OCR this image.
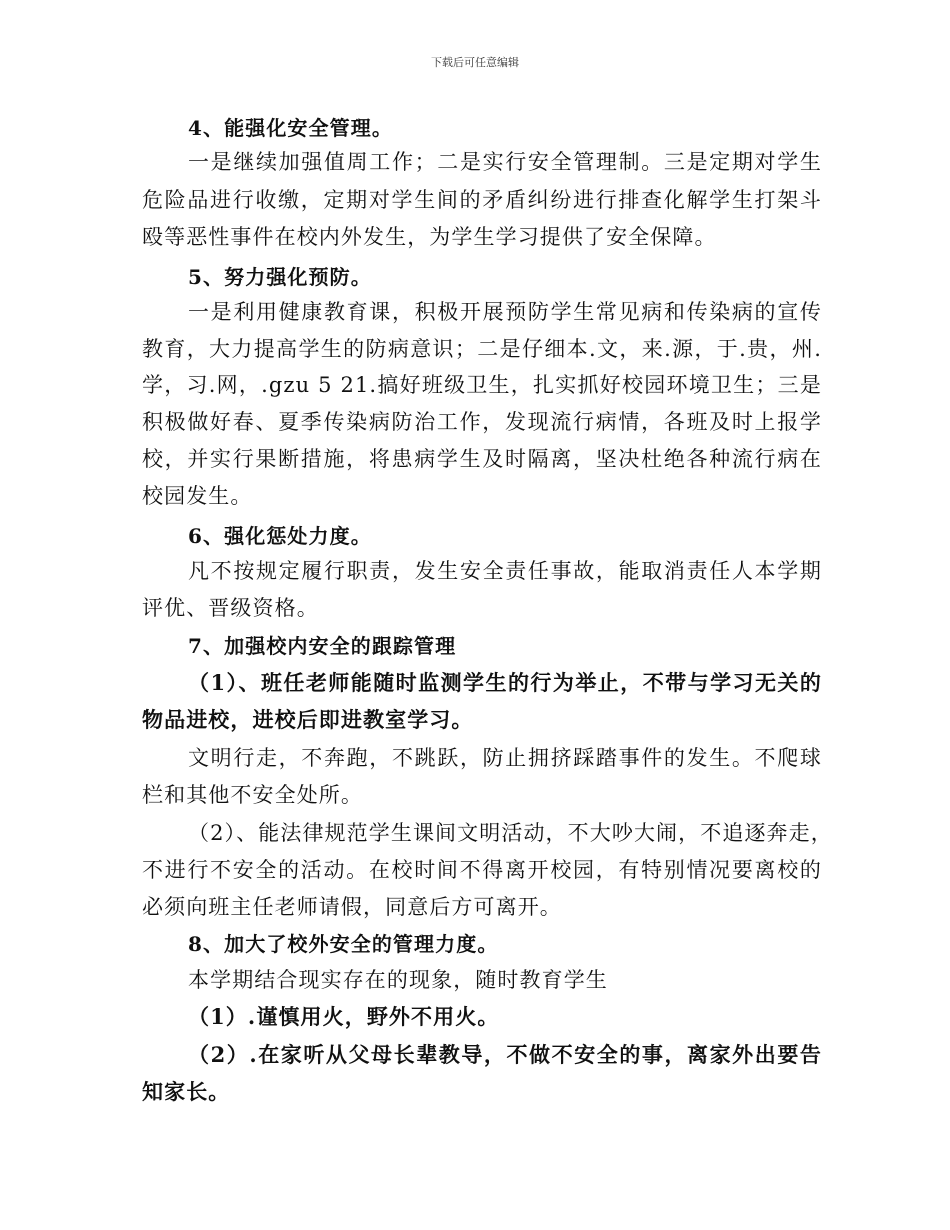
下载后可任意编辑
4、能强化安全管理。
一是继续加强值周工作；二是实行安全管理制。三是定期对学生
危险品进行收缴，定期对学生间的矛盾纠纷进行排查化解学生打架斗
殴等恶性事件在校内外发生，为学生学习提供了安全保障。
5、努力强化预防。
一是利用健康教育课，积极开展预防学生常见病和传染病的宣传
教育，大力提高学生的防病意识；二是仔细本.文，来.源，于.贵，州.
学，习.网，.gzu 5 21.搞好班级卫生，扎实抓好校园环境卫生；三是
积极做好春、夏季传染病防治工作，发现流行病情，各班及时上报学
校，并实行果断措施，将患病学生及时隔离，坚决杜绝各种流行病在
校园发生。
6、强化惩处力度。
凡不按规定履行职责，发生安全责任事故，能取消责任人本学期
评优、晋级资格。
7、加强校内安全的跟踪管理
（1）、班任老师能随时监测学生的行为举止，不带与学习无关的
物品进校，进校后即进教室学习。
文明行走，不奔跑，不跳跃，防止拥挤踩踏事件的发生。不爬球
栏和其他不安全处所。
（2）、能法律规范学生课间文明活动，不大吵大闹，不追逐奔走，
不进行不安全的活动。在校时间不得离开校园，有特别情况要离校的
必须向班主任老师请假，同意后方可离开。
8、加大了校外安全的管理力度。
本学期结合现实存在的现象，随时教育学生
（1）.谨慎用火，野外不用火。
（2）.在家听从父母长辈教导，不做不安全的事，离家外出要告
知家长。
